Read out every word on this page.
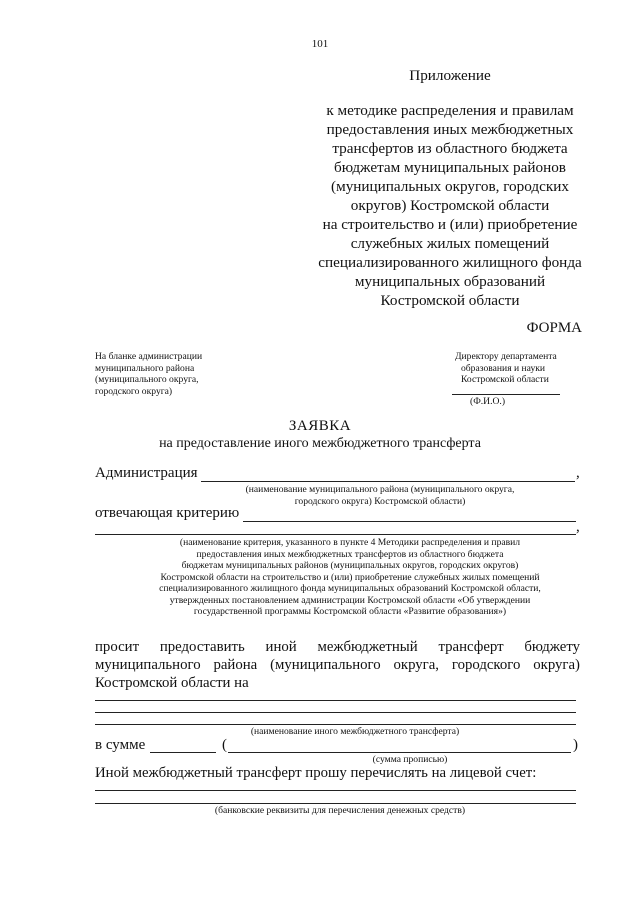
101
Приложение
к методике распределения и правилам
предоставления иных межбюджетных
трансфертов из областного бюджета
бюджетам муниципальных районов
(муниципальных округов, городских
округов) Костромской области
на строительство и (или) приобретение
служебных жилых помещений
специализированного жилищного фонда
муниципальных образований
Костромской области
ФОРМА
На бланке администрации
муниципального района
(муниципального округа,
городского округа)
Директору департамента
образования и науки
Костромской области
(Ф.И.О.)
ЗАЯВКА
на предоставление иного межбюджетного трансферта
Администрация	,
(наименование муниципального района (муниципального округа,
городского округа) Костромской области)
отвечающая критерию
,
(наименование критерия, указанного в пункте 4 Методики распределения и правил
предоставления иных межбюджетных трансфертов из областного бюджета
бюджетам муниципальных районов (муниципальных округов, городских округов)
Костромской области на строительство и (или) приобретение служебных жилых помещений
специализированного жилищного фонда муниципальных образований Костромской области,
утвержденных постановлением администрации Костромской области «Об утверждении
государственной программы Костромской области «Развитие образования»)
просит предоставить иной межбюджетный трансферт бюджету
муниципального района (муниципального округа, городского округа)
Костромской области на
(наименование иного межбюджетного трансферта)
в сумме	(	)
(сумма прописью)
Иной межбюджетный трансферт прошу перечислять на лицевой счет:
(банковские реквизиты для перечисления денежных средств)
